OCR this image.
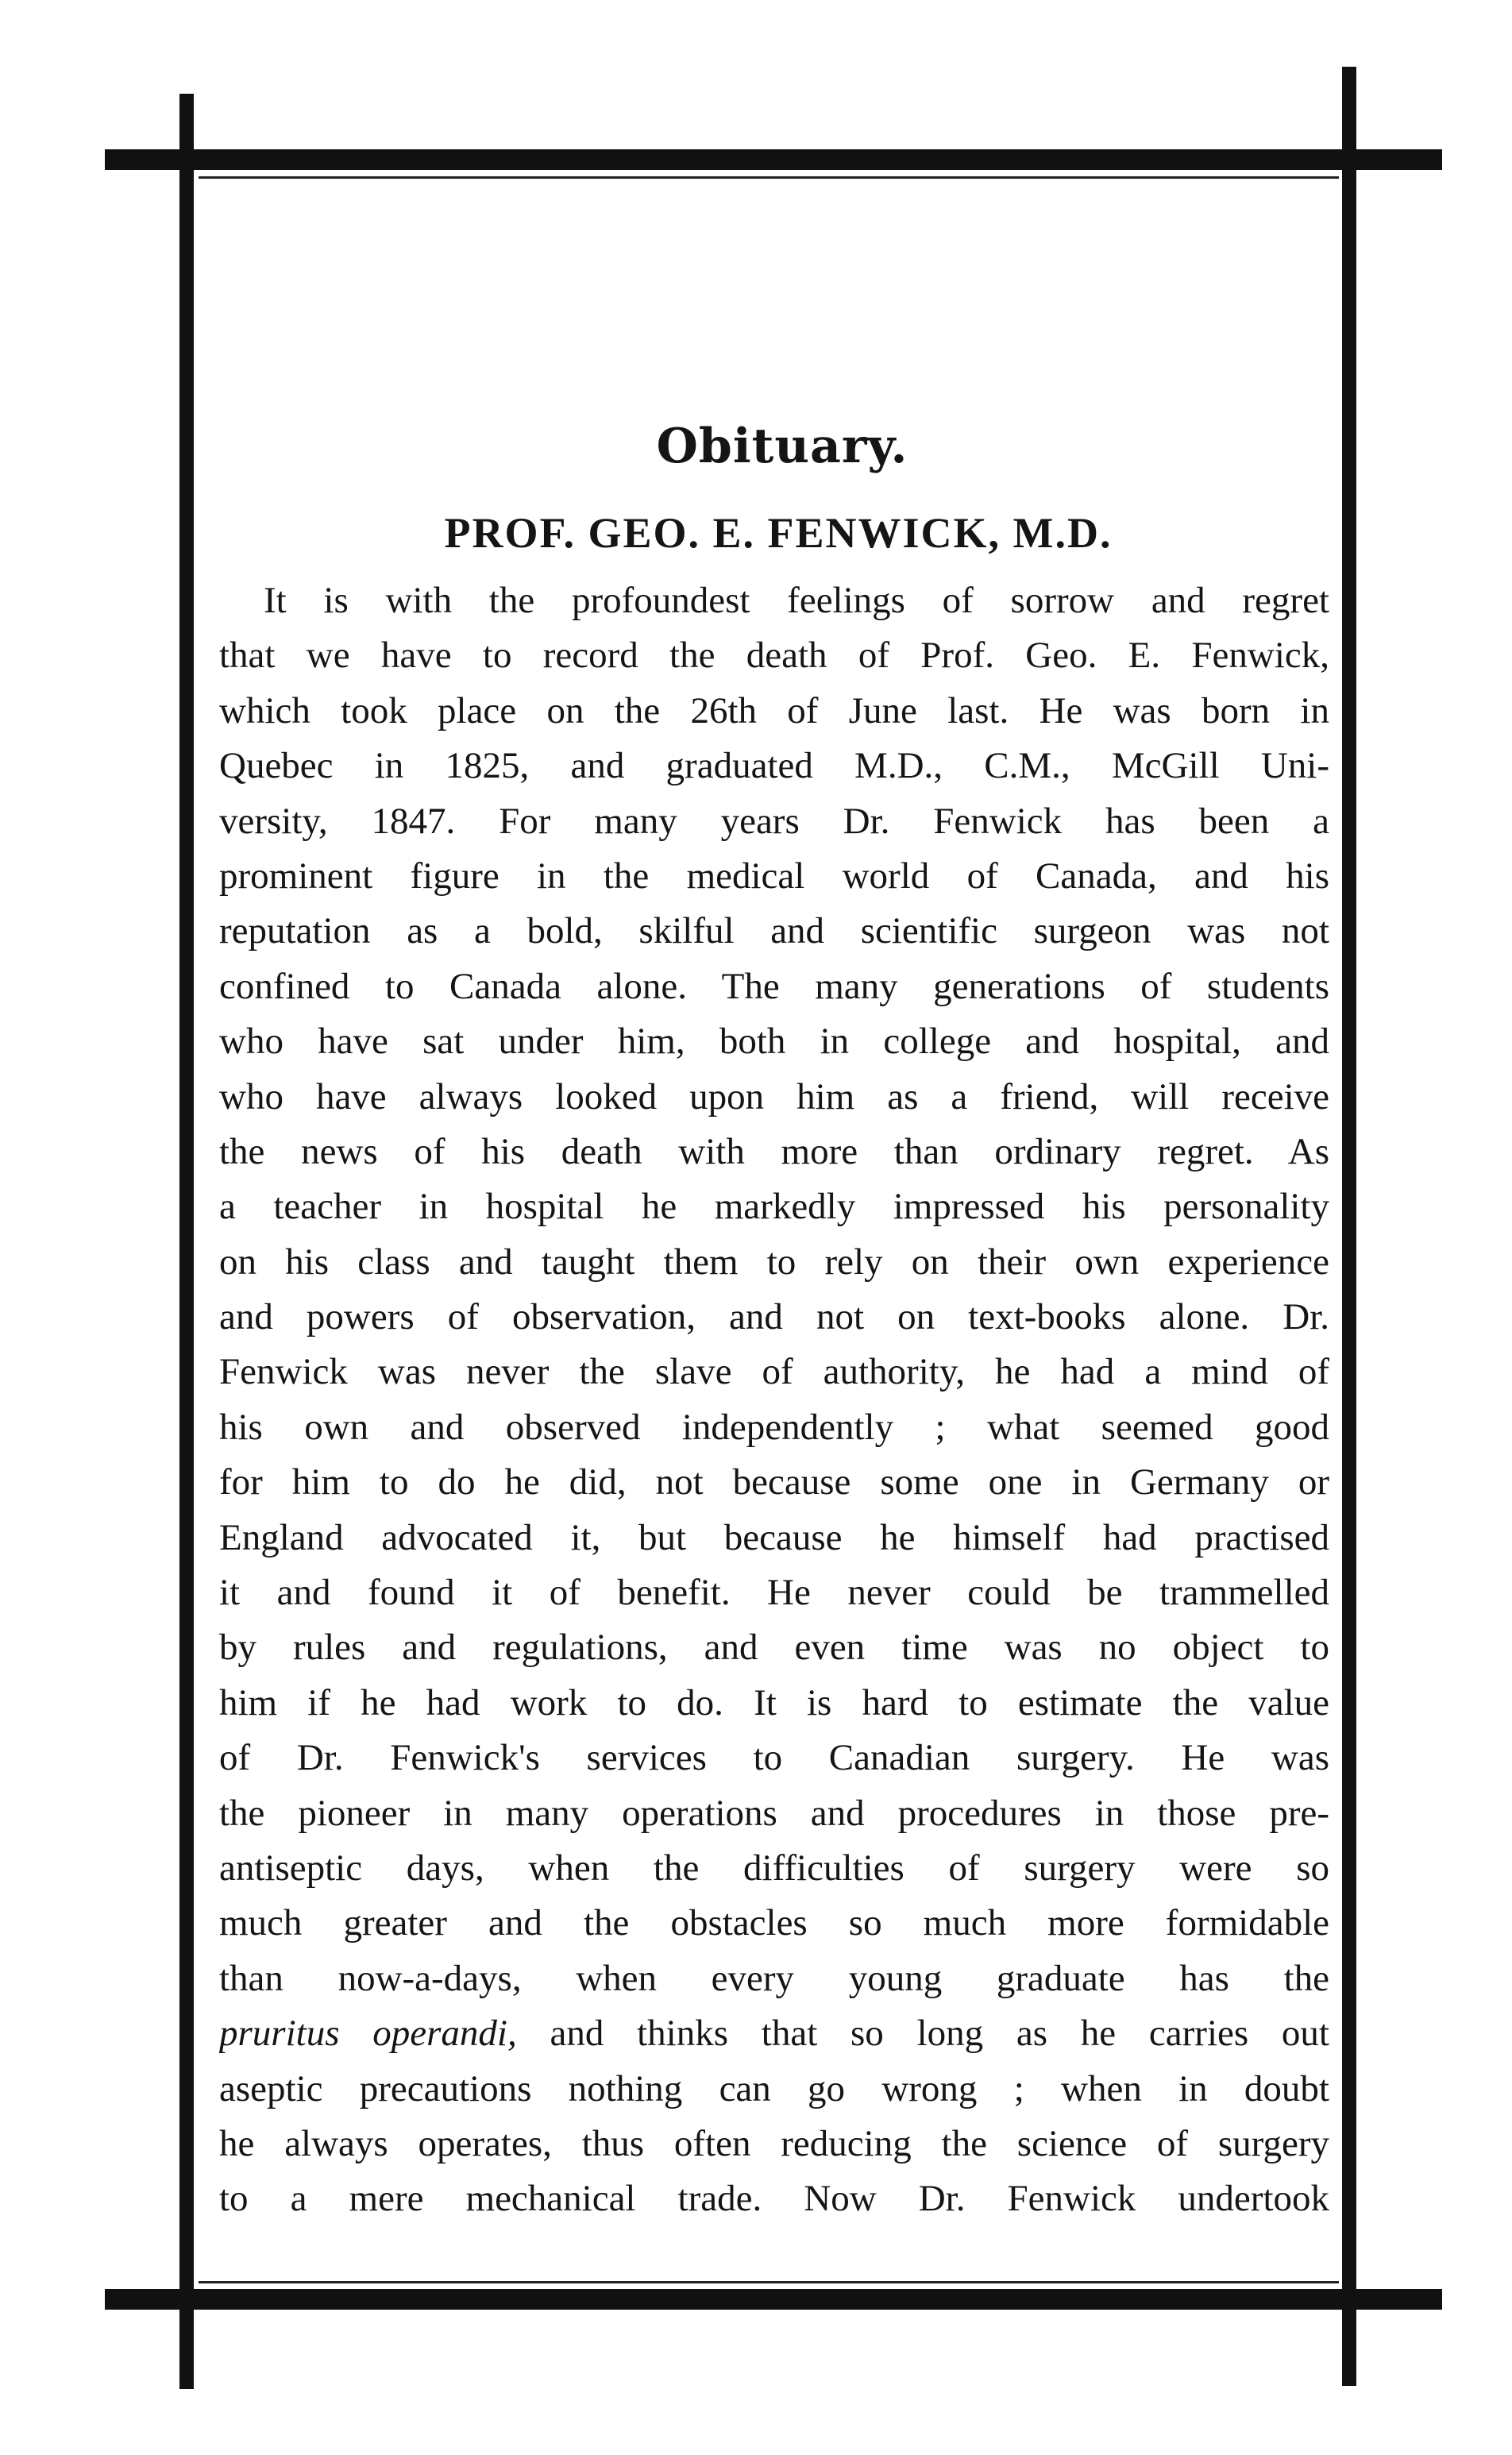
Obituary.
PROF. GEO. E. FENWICK, M.D.
It is with the profoundest feelings of sorrow and regret
that we have to record the death of Prof. Geo. E. Fenwick,
which took place on the 26th of June last. He was born in
Quebec in 1825, and graduated M.D., C.M., McGill Uni-
versity, 1847. For many years Dr. Fenwick has been a
prominent figure in the medical world of Canada, and his
reputation as a bold, skilful and scientific surgeon was not
confined to Canada alone. The many generations of students
who have sat under him, both in college and hospital, and
who have always looked upon him as a friend, will receive
the news of his death with more than ordinary regret. As
a teacher in hospital he markedly impressed his personality
on his class and taught them to rely on their own experience
and powers of observation, and not on text-books alone. Dr.
Fenwick was never the slave of authority, he had a mind of
his own and observed independently ; what seemed good
for him to do he did, not because some one in Germany or
England advocated it, but because he himself had practised
it and found it of benefit. He never could be trammelled
by rules and regulations, and even time was no object to
him if he had work to do. It is hard to estimate the value
of Dr. Fenwick's services to Canadian surgery. He was
the pioneer in many operations and procedures in those pre-
antiseptic days, when the difficulties of surgery were so
much greater and the obstacles so much more formidable
than now-a-days, when every young graduate has the
pruritus operandi, and thinks that so long as he carries out
aseptic precautions nothing can go wrong ; when in doubt
he always operates, thus often reducing the science of surgery
to a mere mechanical trade. Now Dr. Fenwick undertook
